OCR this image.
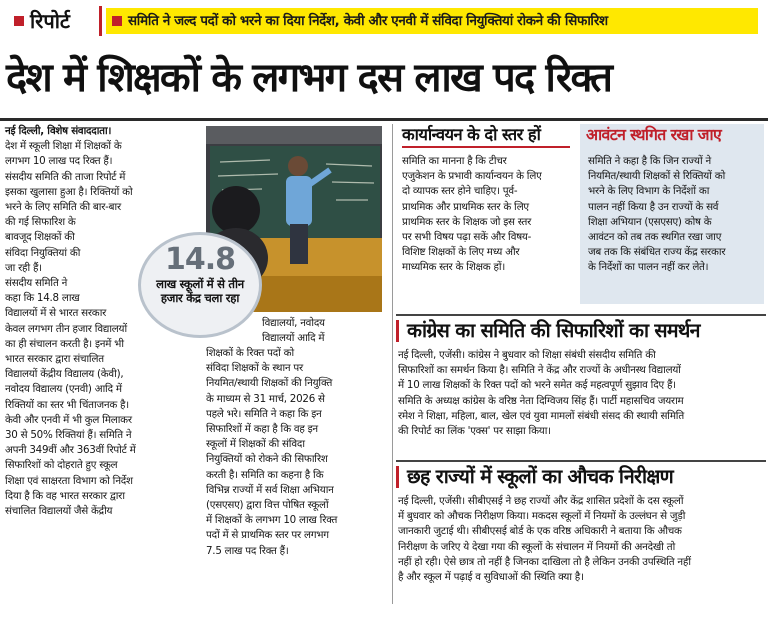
रिपोर्ट	समिति ने जल्द पदों को भरने का दिया निर्देश, केवी और एनवी में संविदा नियुक्तियां रोकने की सिफारिश
देश में शिक्षकों के लगभग दस लाख पद रिक्त
नई दिल्ली, विशेष संवाददाता।
देश में स्कूली शिक्षा में शिक्षकों के
लगभग 10 लाख पद रिक्त हैं।
संसदीय समिति की ताजा रिपोर्ट में
इसका खुलासा हुआ है। रिक्तियों को
भरने के लिए समिति की बार-बार
की गई सिफारिश के
बावजूद शिक्षकों की
संविदा नियुक्तियां की
जा रही हैं।
संसदीय समिति ने
कहा कि 14.8 लाख
विद्यालयों में से भारत सरकार
केवल लगभग तीन हजार विद्यालयों
का ही संचालन करती है। इनमें भी
भारत सरकार द्वारा संचालित
विद्यालयों केंद्रीय विद्यालय (केवी),
नवोदय विद्यालय (एनवी) आदि में
रिक्तियों का स्तर भी चिंताजनक है।
केवी और एनवी में भी कुल मिलाकर
30 से 50% रिक्तियां हैं। समिति ने
अपनी 349वीं और 363वीं रिपोर्ट में
सिफारिशों को दोहराते हुए स्कूल
शिक्षा एवं साक्षरता विभाग को निर्देश
दिया है कि वह भारत सरकार द्वारा
संचालित विद्यालयों जैसे केंद्रीय
14.8
लाख स्कूलों में से तीन हजार केंद्र चला रहा
विद्यालयों, नवोदय
विद्यालयों आदि में
शिक्षकों के रिक्त पदों को
संविदा शिक्षकों के स्थान पर
नियमित/स्थायी शिक्षकों की नियुक्ति
के माध्यम से 31 मार्च, 2026 से
पहले भरे। समिति ने कहा कि इन
सिफारिशों में कहा है कि वह इन
स्कूलों में शिक्षकों की संविदा
नियुक्तियों को रोकने की सिफारिश
करती है। समिति का कहना है कि
विभिन्न राज्यों में सर्व शिक्षा अभियान
(एसएसए) द्वारा वित्त पोषित स्कूलों
में शिक्षकों के लगभग 10 लाख रिक्त
पदों में से प्राथमिक स्तर पर लगभग
7.5 लाख पद रिक्त हैं।
कार्यान्वयन के दो स्तर हों
समिति का मानना है कि टीचर
एजुकेशन के प्रभावी कार्यान्वयन के लिए
दो व्यापक स्तर होने चाहिए। पूर्व-
प्राथमिक और प्राथमिक स्तर के लिए
प्राथमिक स्तर के शिक्षक जो इस स्तर
पर सभी विषय पढ़ा सकें और विषय-
विशिष्ट शिक्षकों के लिए मध्य और
माध्यमिक स्तर के शिक्षक हों।
आवंटन स्थगित रखा जाए
समिति ने कहा है कि जिन राज्यों ने
नियमित/स्थायी शिक्षकों से रिक्तियों को
भरने के लिए विभाग के निर्देशों का
पालन नहीं किया है उन राज्यों के सर्व
शिक्षा अभियान (एसएसए) कोष के
आवंटन को तब तक स्थगित रखा जाए
जब तक कि संबंधित राज्य केंद्र सरकार
के निर्देशों का पालन नहीं कर लेते।
कांग्रेस का समिति की सिफारिशों का समर्थन
नई दिल्ली, एजेंसी। कांग्रेस ने बुधवार को शिक्षा संबंधी संसदीय समिति की
सिफारिशों का समर्थन किया है। समिति ने केंद्र और राज्यों के अधीनस्थ विद्यालयों
में 10 लाख शिक्षकों के रिक्त पदों को भरने समेत कई महत्वपूर्ण सुझाव दिए हैं।
समिति के अध्यक्ष कांग्रेस के वरिष्ठ नेता दिग्विजय सिंह हैं। पार्टी महासचिव जयराम
रमेश ने शिक्षा, महिला, बाल, खेल एवं युवा मामलों संबंधी संसद की स्थायी समिति
की रिपोर्ट का लिंक 'एक्स' पर साझा किया।
छह राज्यों में स्कूलों का औचक निरीक्षण
नई दिल्ली, एजेंसी। सीबीएसई ने छह राज्यों और केंद्र शासित प्रदेशों के दस स्कूलों
में बुधवार को औचक निरीक्षण किया। मकदस स्कूलों में नियमों के उल्लंघन से जुड़ी
जानकारी जुटाई थी। सीबीएसई बोर्ड के एक वरिष्ठ अधिकारी ने बताया कि औचक
निरीक्षण के जरिए ये देखा गया की स्कूलों के संचालन में नियमों की अनदेखी तो
नहीं हो रही। ऐसे छात्र तो नहीं है जिनका दाखिला तो है लेकिन उनकी उपस्थिति नहीं
है और स्कूल में पढ़ाई व सुविधाओं की स्थिति क्या है।
